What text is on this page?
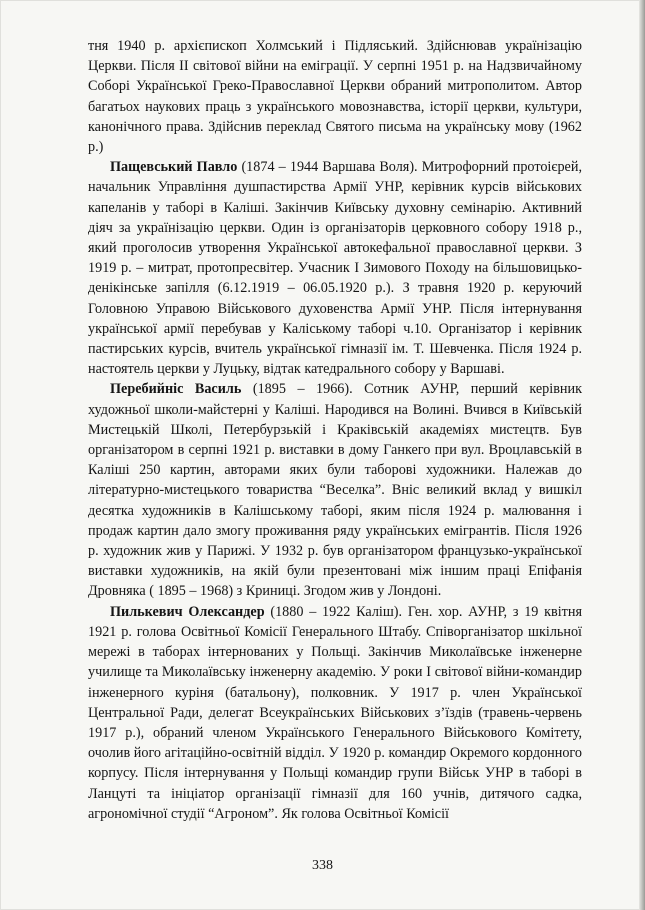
тня 1940 р. архієпископ Холмський і Підляський. Здійснював українізацію Церкви. Після II світової війни на еміграції. У серпні 1951 р. на Надзвичайному Соборі Української Греко-Православної Церкви обраний митрополитом. Автор багатьох наукових праць з українського мовознавства, історії церкви, культури, канонічного права. Здійснив переклад Святого письма на українську мову (1962 р.)

Пащевський Павло (1874 – 1944 Варшава Воля). Митрофорний протоієрей, начальник Управління душпастирства Армії УНР, керівник курсів військових капеланів у таборі в Каліші. Закінчив Київську духовну семінарію. Активний діяч за українізацію церкви. Один із організаторів церковного собору 1918 р., який проголосив утворення Української автокефальної православної церкви. З 1919 р. – митрат, протопресвітер. Учасник І Зимового Походу на більшовицько-денікінське запілля (6.12.1919 – 06.05.1920 р.). З травня 1920 р. керуючий Головною Управою Військового духовенства Армії УНР. Після інтернування української армії перебував у Каліському таборі ч.10. Організатор і керівник пастирських курсів, вчитель української гімназії ім. Т. Шевченка. Після 1924 р. настоятель церкви у Луцьку, відтак катедрального собору у Варшаві.

Перебийніс Василь (1895 – 1966). Сотник АУНР, перший керівник художньої школи-майстерні у Каліші. Народився на Волині. Вчився в Київській Мистецькій Школі, Петербурзькій і Краківській академіях мистецтв. Був організатором в серпні 1921 р. виставки в дому Ганкего при вул. Вроцлавській в Каліші 250 картин, авторами яких були таборові художники. Належав до літературно-мистецького товариства “Веселка”. Вніс великий вклад у вишкіл десятка художників в Калішському таборі, яким після 1924 р. малювання і продаж картин дало змогу проживання ряду українських емігрантів. Після 1926 р. художник жив у Парижі. У 1932 р. був організатором французько-української виставки художників, на якій були презентовані між іншим праці Епіфанія Дровняка ( 1895 – 1968) з Криниці. Згодом жив у Лондоні.

Пилькевич Олександер (1880 – 1922 Каліш). Ген. хор. АУНР, з 19 квітня 1921 р. голова Освітньої Комісії Генерального Штабу. Співорганізатор шкільної мережі в таборах інтернованих у Польщі. Закінчив Миколаївське інженерне училище та Миколаївську інженерну академію. У роки І світової війни-командир інженерного куріня (батальону), полковник. У 1917 р. член Української Центральної Ради, делегат Всеукраїнських Військових з’їздів (травень-червень 1917 р.), обраний членом Українського Генерального Військового Комітету, очолив його агітаційно-освітній відділ. У 1920 р. командир Окремого кордонного корпусу. Після інтернування у Польщі командир групи Військ УНР в таборі в Ланцуті та ініціатор організації гімназії для 160 учнів, дитячого садка, агрономічної студії “Агроном”. Як голова Освітньої Комісії

338
